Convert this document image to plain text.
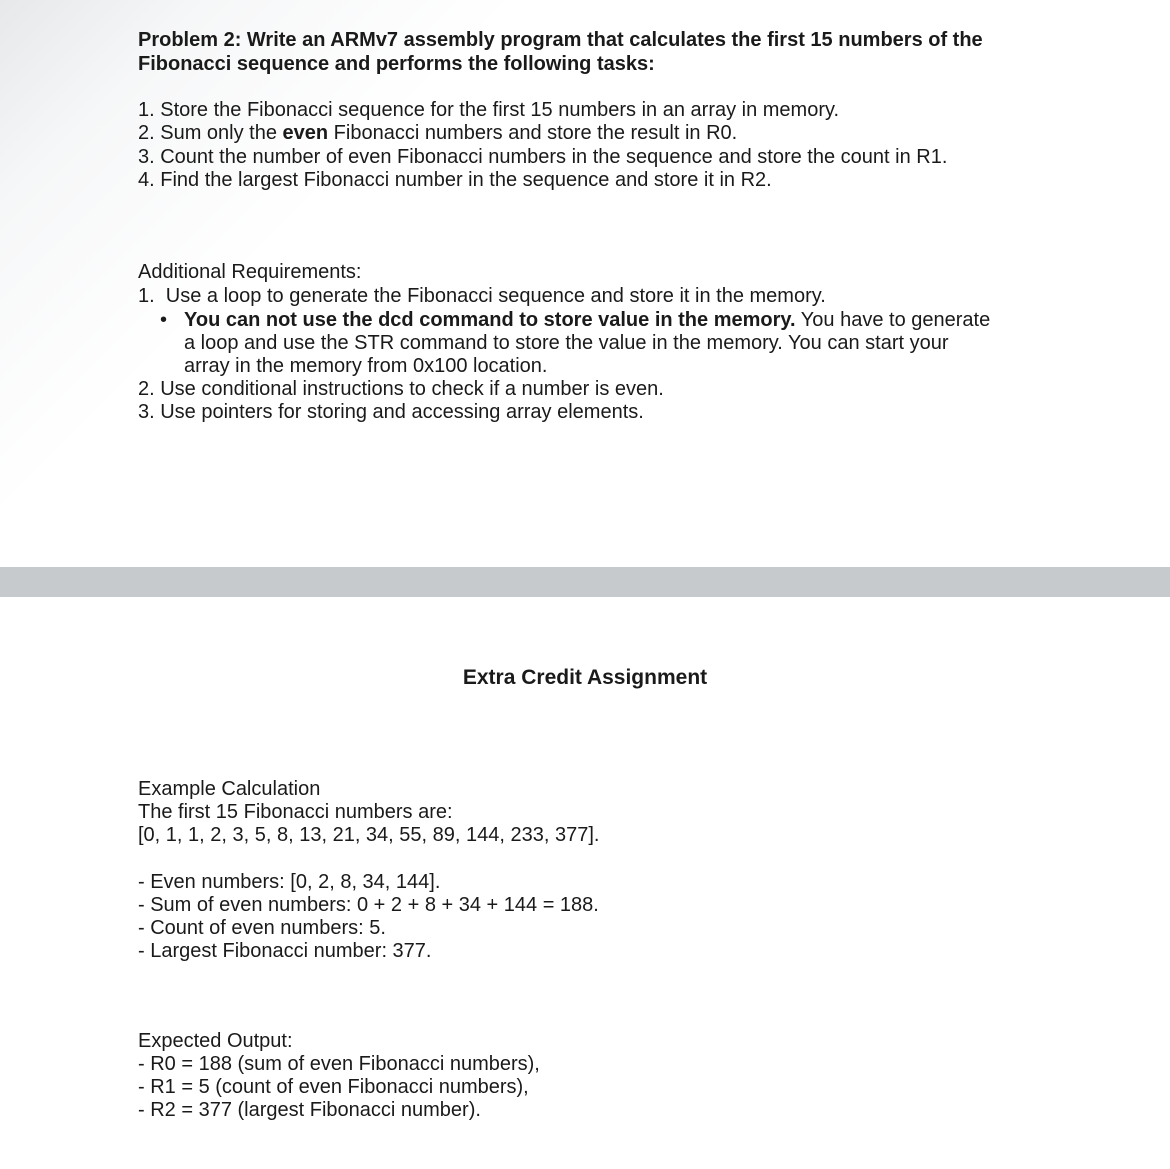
Problem 2: Write an ARMv7 assembly program that calculates the first 15 numbers of the
Fibonacci sequence and performs the following tasks:
1. Store the Fibonacci sequence for the first 15 numbers in an array in memory.
2. Sum only the even Fibonacci numbers and store the result in R0.
3. Count the number of even Fibonacci numbers in the sequence and store the count in R1.
4. Find the largest Fibonacci number in the sequence and store it in R2.
Additional Requirements:
1.  Use a loop to generate the Fibonacci sequence and store it in the memory.
• You can not use the dcd command to store value in the memory. You have to generate
a loop and use the STR command to store the value in the memory. You can start your
array in the memory from 0x100 location.
2. Use conditional instructions to check if a number is even.
3. Use pointers for storing and accessing array elements.
Extra Credit Assignment
Example Calculation
The first 15 Fibonacci numbers are:
[0, 1, 1, 2, 3, 5, 8, 13, 21, 34, 55, 89, 144, 233, 377].
- Even numbers: [0, 2, 8, 34, 144].
- Sum of even numbers: 0 + 2 + 8 + 34 + 144 = 188.
- Count of even numbers: 5.
- Largest Fibonacci number: 377.
Expected Output:
- R0 = 188 (sum of even Fibonacci numbers),
- R1 = 5 (count of even Fibonacci numbers),
- R2 = 377 (largest Fibonacci number).
